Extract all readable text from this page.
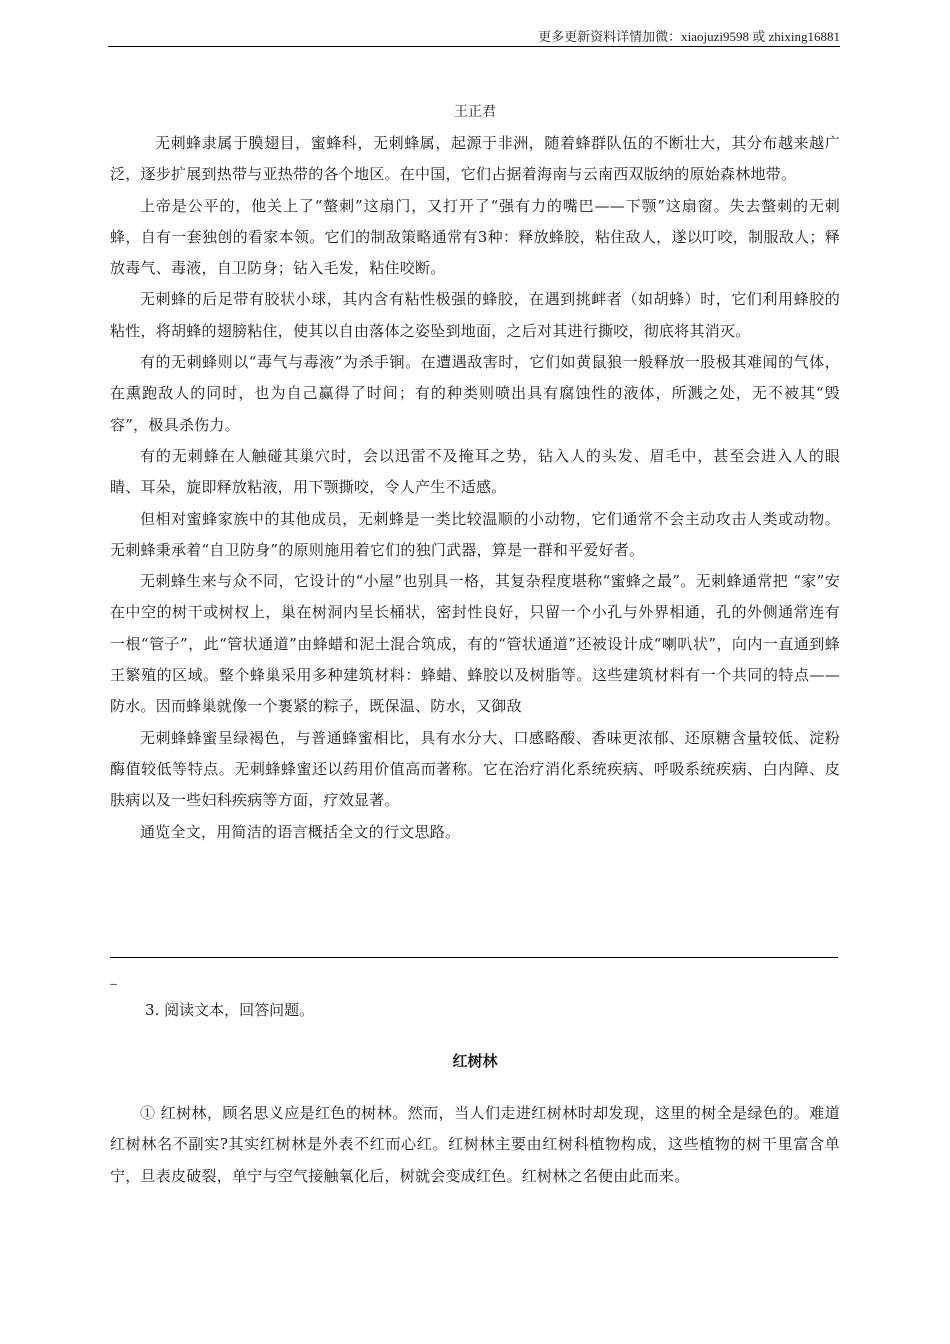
更多更新资料详情加微：xiaojuzi9598 或 zhixing16881
王正君

无刺蜂隶属于膜翅目，蜜蜂科，无刺蜂属，起源于非洲，随着蜂群队伍的不断壮大，其分布越来越广泛，逐步扩展到热带与亚热带的各个地区。在中国，它们占据着海南与云南西双版纳的原始森林地带。

上帝是公平的，他关上了“螫刺”这扇门，又打开了“强有力的嘴巴——下颚”这扇窗。失去螫刺的无刺蜂，自有一套独创的看家本领。它们的制敌策略通常有3种：释放蜂胶，粘住敌人，遂以叮咬，制服敌人；释放毒气、毒液，自卫防身；钻入毛发，粘住咬断。

无刺蜂的后足带有胶状小球，其内含有粘性极强的蜂胶，在遇到挑衅者（如胡蜂）时，它们利用蜂胶的粘性，将胡蜂的翅膀粘住，使其以自由落体之姿坠到地面，之后对其进行撕咬，彻底将其消灭。

有的无刺蜂则以“毒气与毒液”为杀手锏。在遭遇敌害时，它们如黄鼠狼一般释放一股极其难闻的气体，在熏跑敌人的同时，也为自己赢得了时间；有的种类则喷出具有腐蚀性的液体，所溅之处，无不被其“毁容”，极具杀伤力。

有的无刺蜂在人触碰其巢穴时，会以迅雷不及掩耳之势，钻入人的头发、眉毛中，甚至会进入人的眼睛、耳朵，旋即释放粘液，用下颚撕咬，令人产生不适感。

但相对蜜蜂家族中的其他成员，无刺蜂是一类比较温顺的小动物，它们通常不会主动攻击人类或动物。无刺蜂秉承着“自卫防身”的原则施用着它们的独门武器，算是一群和平爱好者。

无刺蜂生来与众不同，它设计的“小屋”也别具一格，其复杂程度堪称“蜜蜂之最”。无刺蜂通常把 “家”安在中空的树干或树杈上，巢在树洞内呈长桶状，密封性良好，只留一个小孔与外界相通，孔的外侧通常连有一根“管子”，此“管状通道”由蜂蜡和泥土混合筑成，有的“管状通道”还被设计成“喇叭状”，向内一直通到蜂王繁殖的区域。整个蜂巢采用多种建筑材料：蜂蜡、蜂胶以及树脂等。这些建筑材料有一个共同的特点——防水。因而蜂巢就像一个裹紧的粽子，既保温、防水，又御敌

无刺蜂蜂蜜呈绿褐色，与普通蜂蜜相比，具有水分大、口感略酸、香味更浓郁、还原糖含量较低、淀粉酶值较低等特点。无刺蜂蜂蜜还以药用价值高而著称。它在治疗消化系统疾病、呼吸系统疾病、白内障、皮肤病以及一些妇科疾病等方面，疗效显著。

通览全文，用简洁的语言概括全文的行文思路。

_
3. 阅读文本，回答问题。
红树林

① 红树林，顾名思义应是红色的树林。然而，当人们走进红树林时却发现，这里的树全是绿色的。难道红树林名不副实?其实红树林是外表不红而心红。红树林主要由红树科植物构成，这些植物的树干里富含单宁，旦表皮破裂，单宁与空气接触氧化后，树就会变成红色。红树林之名便由此而来。
